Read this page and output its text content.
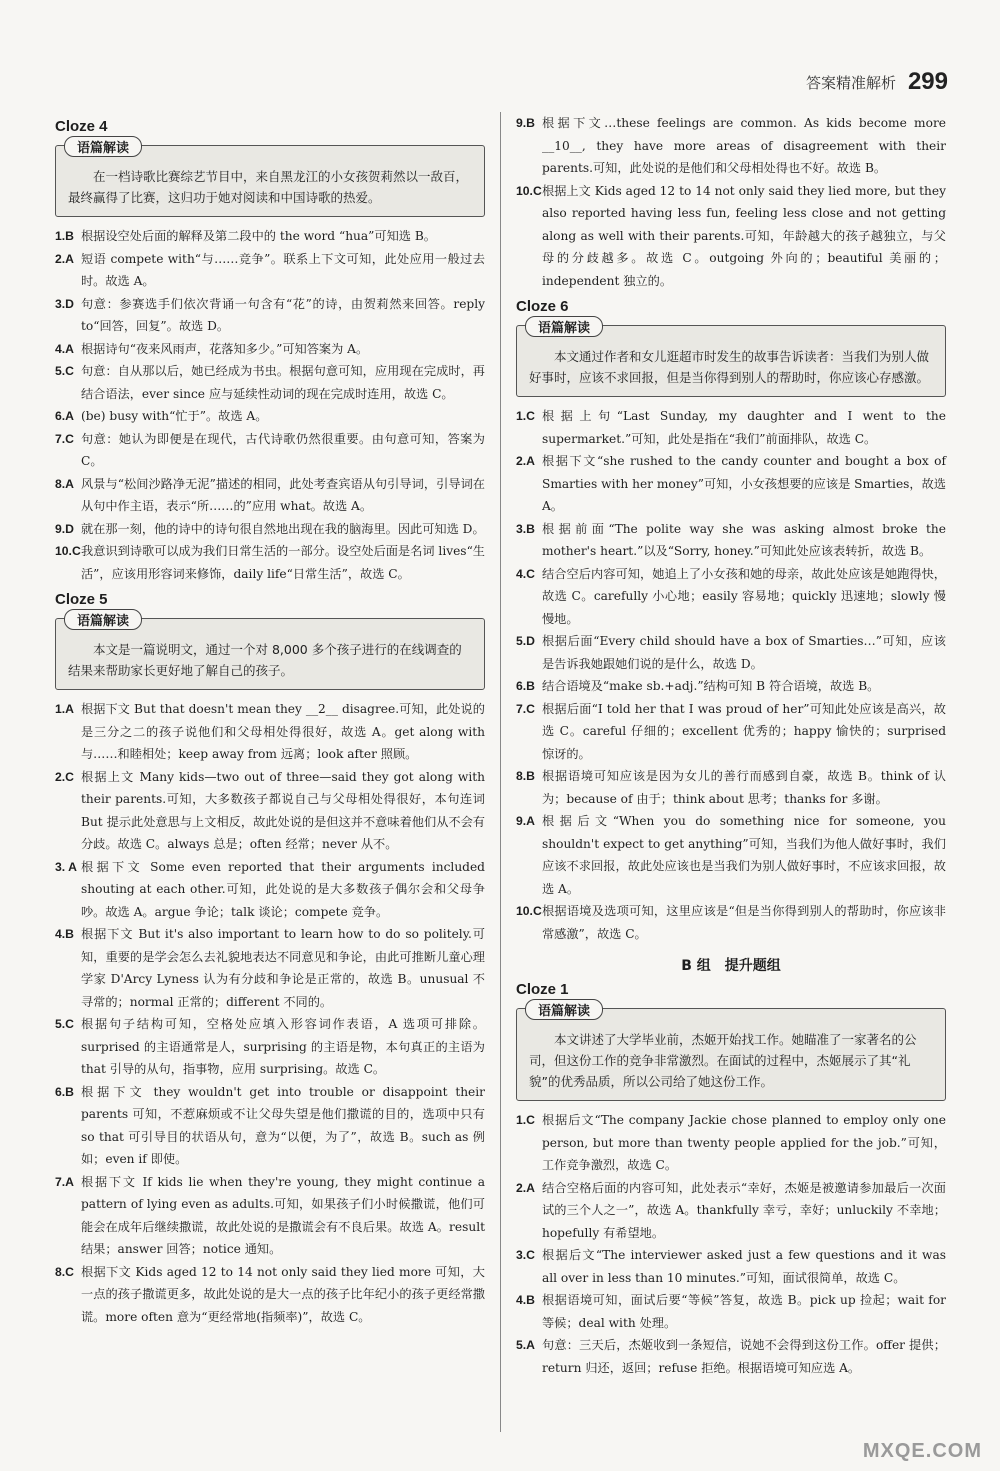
答案精准解析 299
Cloze 4
语篇解读
在一档诗歌比赛综艺节目中，来自黑龙江的小女孩贺莉然以一敌百，最终赢得了比赛，这归功于她对阅读和中国诗歌的热爱。
1.B 根据设空处后面的解释及第二段中的 the word “hua”可知选 B。
2.A 短语 compete with“与……竞争”。联系上下文可知，此处应用一般过去时。故选 A。
3.D 句意：参赛选手们依次背诵一句含有“花”的诗，由贺莉然来回答。reply to“回答，回复”。故选 D。
4.A 根据诗句“夜来风雨声，花落知多少。”可知答案为 A。
5.C 句意：自从那以后，她已经成为书虫。根据句意可知，应用现在完成时，再结合语法，ever since 应与延续性动词的现在完成时连用，故选 C。
6.A (be) busy with“忙于”。故选 A。
7.C 句意：她认为即便是在现代，古代诗歌仍然很重要。由句意可知，答案为 C。
8.A 风景与“松间沙路净无泥”描述的相同，此处考查宾语从句引导词，引导词在从句中作主语，表示“所……的”应用 what。故选 A。
9.D 就在那一刻，他的诗中的诗句很自然地出现在我的脑海里。因此可知选 D。
10.C 我意识到诗歌可以成为我们日常生活的一部分。设空处后面是名词 lives“生活”，应该用形容词来修饰，daily life“日常生活”，故选 C。
Cloze 5
语篇解读
本文是一篇说明文，通过一个对 8,000 多个孩子进行的在线调查的结果来帮助家长更好地了解自己的孩子。
1.A 根据下文 But that doesn't mean they __2__ disagree.可知，此处说的是三分之二的孩子说他们和父母相处得很好，故选 A。get along with 与……和睦相处；keep away from 远离；look after 照顾。
2.C 根据上文 Many kids—two out of three—said they got along with their parents.可知，大多数孩子都说自己与父母相处得很好，本句连词 But 提示此处意思与上文相反，故此处说的是但这并不意味着他们从不会有分歧。故选 C。always 总是；often 经常；never 从不。
3. A 根据下文 Some even reported that their arguments included shouting at each other.可知，此处说的是大多数孩子偶尔会和父母争吵。故选 A。argue 争论；talk 谈论；compete 竞争。
4.B 根据下文 But it's also important to learn how to do so politely.可知，重要的是学会怎么去礼貌地表达不同意见和争论，由此可推断儿童心理学家 D'Arcy Lyness 认为有分歧和争论是正常的，故选 B。unusual 不寻常的；normal 正常的；different 不同的。
5.C 根据句子结构可知，空格处应填入形容词作表语，A 选项可排除。surprised 的主语通常是人，surprising 的主语是物，本句真正的主语为 that 引导的从句，指事物，应用 surprising。故选 C。
6.B 根据下文 they wouldn't get into trouble or disappoint their parents 可知，不惹麻烦或不让父母失望是他们撒谎的目的，选项中只有 so that 可引导目的状语从句，意为“以便，为了”，故选 B。such as 例如；even if 即使。
7.A 根据下文 If kids lie when they're young, they might continue a pattern of lying even as adults.可知，如果孩子们小时候撒谎，他们可能会在成年后继续撒谎，故此处说的是撒谎会有不良后果。故选 A。result 结果；answer 回答；notice 通知。
8.C 根据下文 Kids aged 12 to 14 not only said they lied more 可知，大一点的孩子撒谎更多，故此处说的是大一点的孩子比年纪小的孩子更经常撒谎。more often 意为“更经常地(指频率)”，故选 C。
9.B 根据下文…these feelings are common. As kids become more __10__, they have more areas of disagreement with their parents.可知，此处说的是他们和父母相处得也不好。故选 B。
10.C 根据上文 Kids aged 12 to 14 not only said they lied more, but they also reported having less fun, feeling less close and not getting along as well with their parents.可知，年龄越大的孩子越独立，与父母的分歧越多。故选 C。outgoing 外向的；beautiful 美丽的；independent 独立的。
Cloze 6
语篇解读
本文通过作者和女儿逛超市时发生的故事告诉读者：当我们为别人做好事时，应该不求回报，但是当你得到别人的帮助时，你应该心存感激。
1.C 根据上句“Last Sunday, my daughter and I went to the supermarket.”可知，此处是指在“我们”前面排队，故选 C。
2.A 根据下文“she rushed to the candy counter and bought a box of Smarties with her money”可知，小女孩想要的应该是 Smarties，故选 A。
3.B 根据前面“The polite way she was asking almost broke the mother's heart.”以及“Sorry, honey.”可知此处应该表转折，故选 B。
4.C 结合空后内容可知，她追上了小女孩和她的母亲，故此处应该是她跑得快，故选 C。carefully 小心地；easily 容易地；quickly 迅速地；slowly 慢慢地。
5.D 根据后面“Every child should have a box of Smarties…”可知，应该是告诉我她跟她们说的是什么，故选 D。
6.B 结合语境及“make sb.+adj.”结构可知 B 符合语境，故选 B。
7.C 根据后面“I told her that I was proud of her”可知此处应该是高兴，故选 C。careful 仔细的；excellent 优秀的；happy 愉快的；surprised 惊讶的。
8.B 根据语境可知应该是因为女儿的善行而感到自豪，故选 B。think of 认为；because of 由于；think about 思考；thanks for 多谢。
9.A 根据后文“When you do something nice for someone, you shouldn't expect to get anything”可知，当我们为他人做好事时，我们应该不求回报，故此处应该也是当我们为别人做好事时，不应该求回报，故选 A。
10.C 根据语境及选项可知，这里应该是“但是当你得到别人的帮助时，你应该非常感激”，故选 C。
B 组　提升题组
Cloze 1
语篇解读
本文讲述了大学毕业前，杰姬开始找工作。她瞄准了一家著名的公司，但这份工作的竞争非常激烈。在面试的过程中，杰姬展示了其“礼貌”的优秀品质，所以公司给了她这份工作。
1.C 根据后文“The company Jackie chose planned to employ only one person, but more than twenty people applied for the job.”可知，工作竞争激烈，故选 C。
2.A 结合空格后面的内容可知，此处表示“幸好，杰姬是被邀请参加最后一次面试的三个人之一”，故选 A。thankfully 幸亏，幸好；unluckily 不幸地；hopefully 有希望地。
3.C 根据后文“The interviewer asked just a few questions and it was all over in less than 10 minutes.”可知，面试很简单，故选 C。
4.B 根据语境可知，面试后要“等候”答复，故选 B。pick up 捡起；wait for 等候；deal with 处理。
5.A 句意：三天后，杰姬收到一条短信，说她不会得到这份工作。offer 提供；return 归还，返回；refuse 拒绝。根据语境可知应选 A。
MXQE.COM
